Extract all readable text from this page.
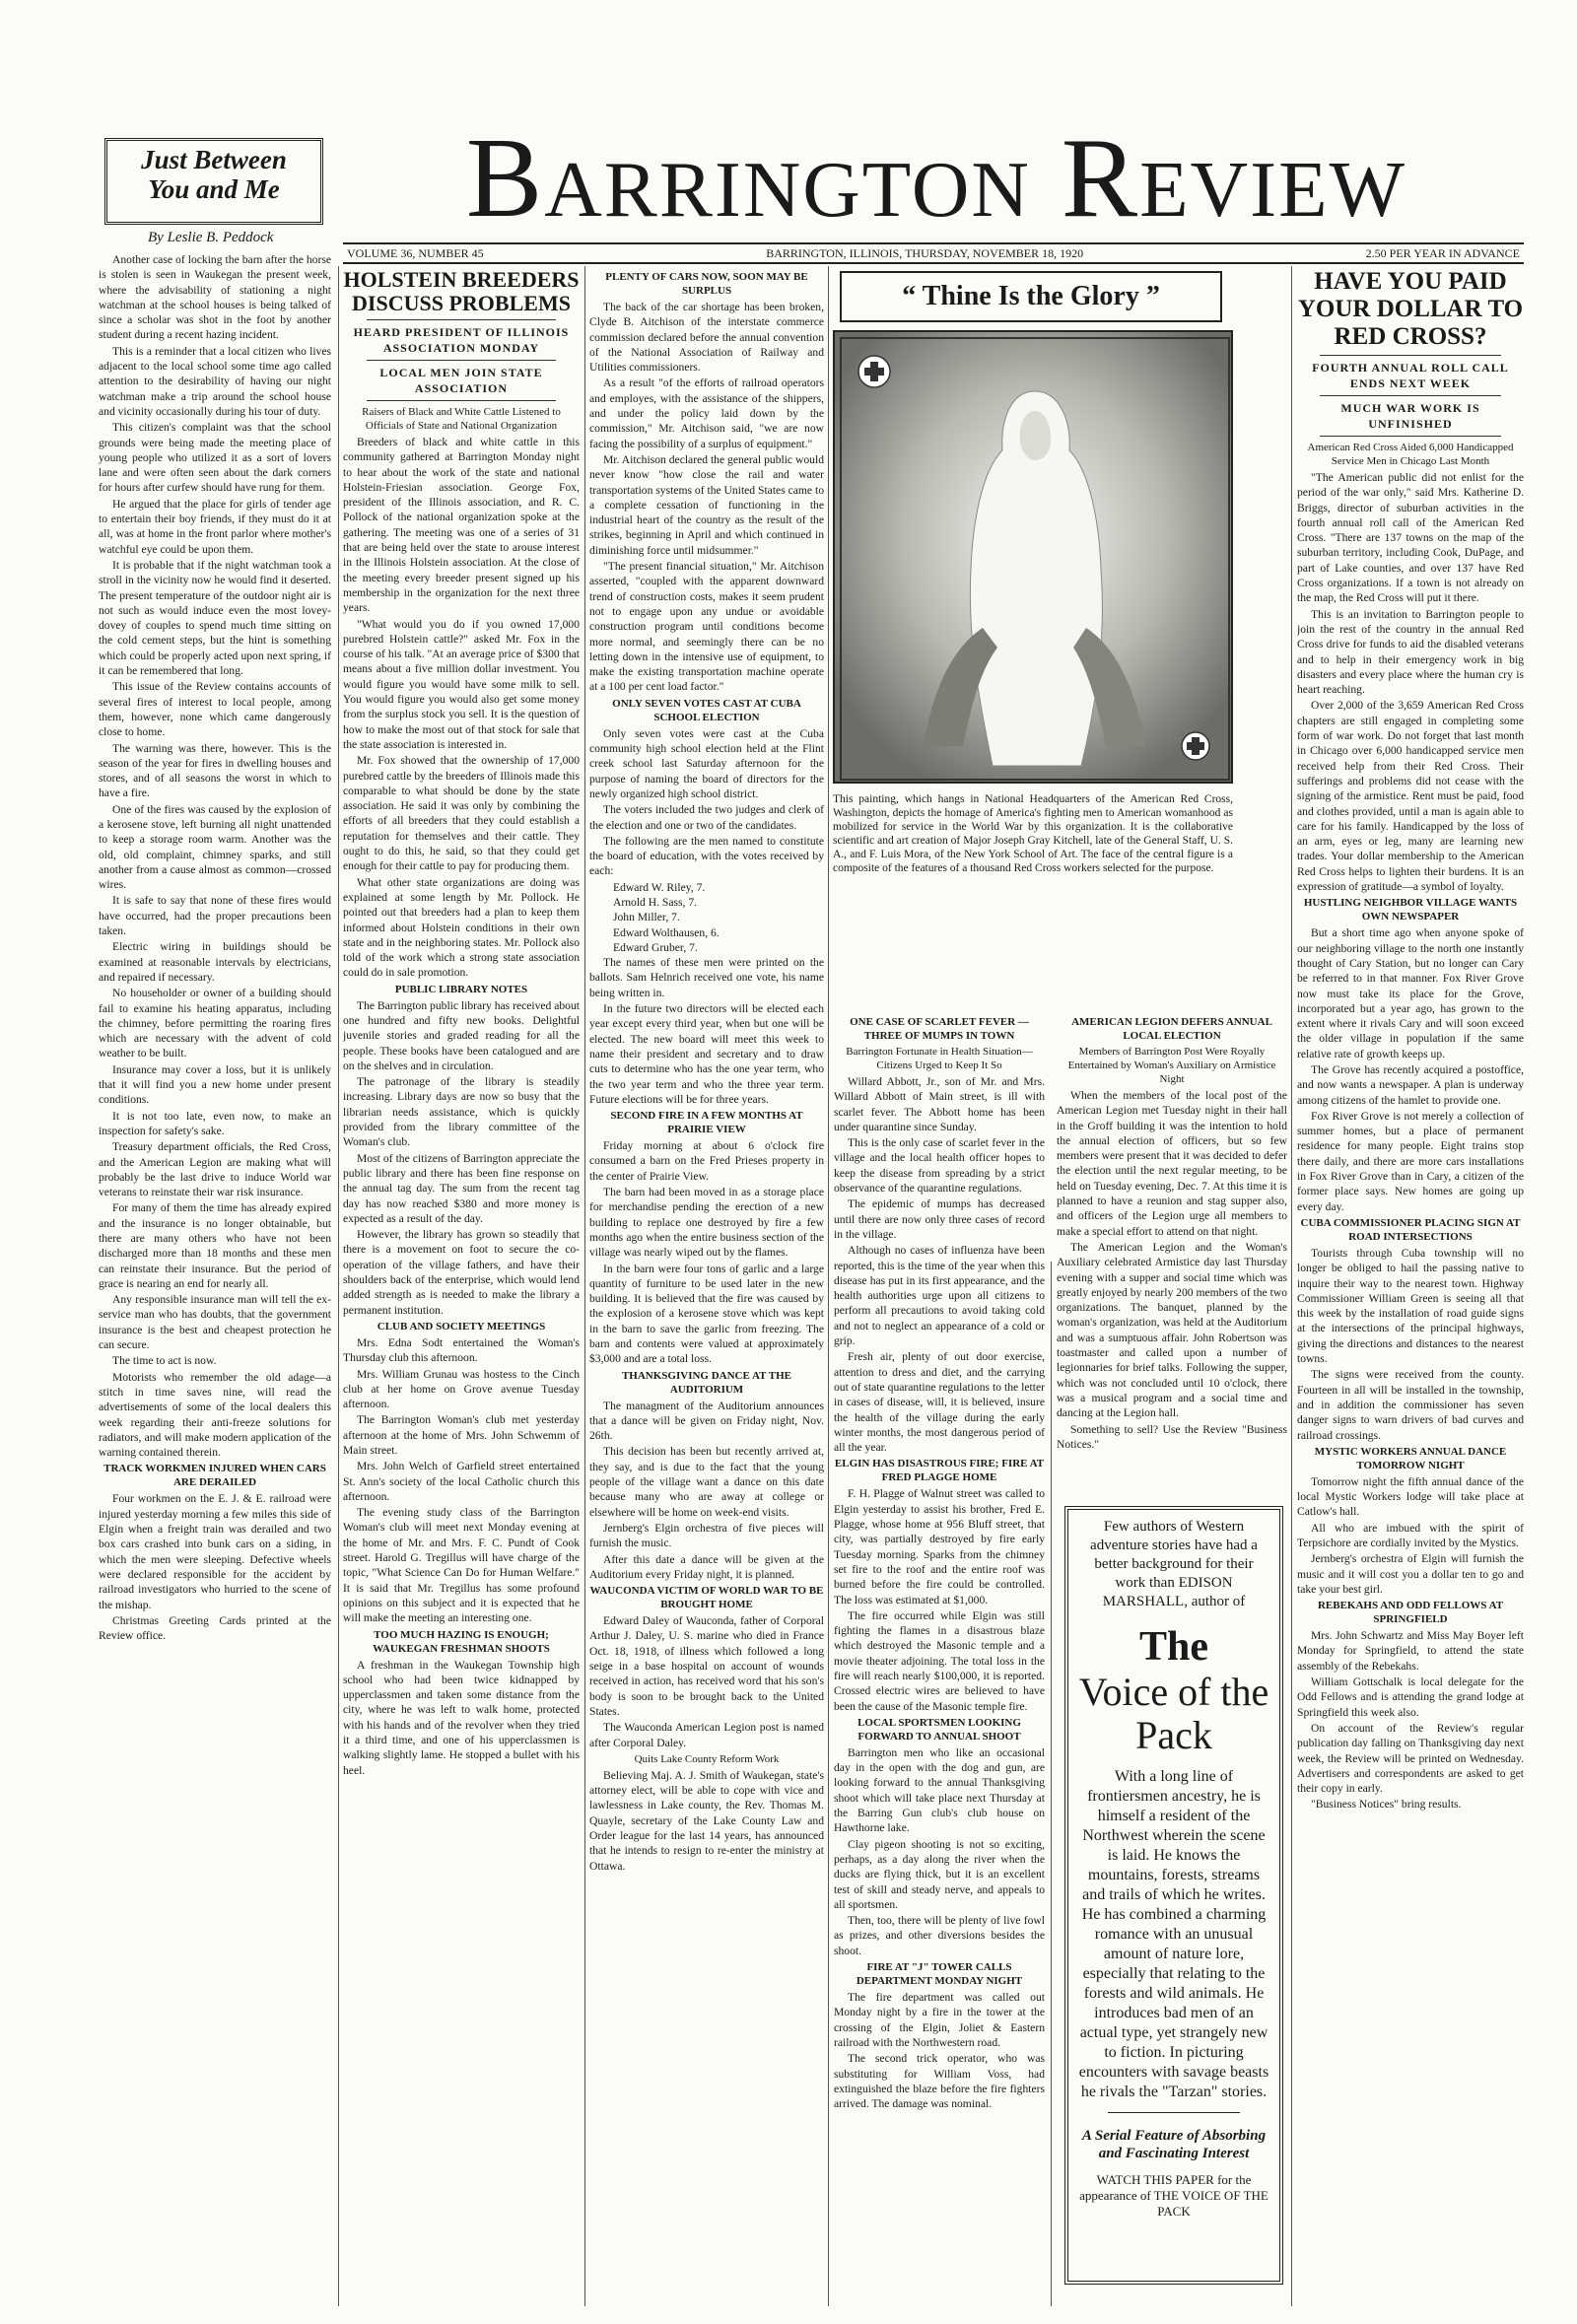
Just Between
You and Me
By Leslie B. Peddock	Barrington Review
VOLUME 36, NUMBER 45	BARRINGTON, ILLINOIS, THURSDAY, NOVEMBER 18, 1920	2.50 PER YEAR IN ADVANCE

Another case of locking the barn after the horse is stolen is seen in Waukegan the present week, where the advisability of stationing a night watchman at the school houses is being talked of since a scholar was shot in the foot by another student during a recent hazing incident.

This is a reminder that a local citizen who lives adjacent to the local school some time ago called attention to the desirability of having our night watchman make a trip around the school house and vicinity occasionally during his tour of duty.

This citizen's complaint was that the school grounds were being made the meeting place of young people who utilized it as a sort of lovers lane and were often seen about the dark corners for hours after curfew should have rung for them.

He argued that the place for girls of tender age to entertain their boy friends, if they must do it at all, was at home in the front parlor where mother's watchful eye could be upon them.

It is probable that if the night watchman took a stroll in the vicinity now he would find it deserted. The present temperature of the outdoor night air is not such as would induce even the most lovey-dovey of couples to spend much time sitting on the cold cement steps, but the hint is something which could be properly acted upon next spring, if it can be remembered that long.

This issue of the Review contains accounts of several fires of interest to local people, among them, however, none which came dangerously close to home.

The warning was there, however. This is the season of the year for fires in dwelling houses and stores, and of all seasons the worst in which to have a fire.

One of the fires was caused by the explosion of a kerosene stove, left burning all night unattended to keep a storage room warm. Another was the old, old complaint, chimney sparks, and still another from a cause almost as common—crossed wires.

It is safe to say that none of these fires would have occurred, had the proper precautions been taken.

Electric wiring in buildings should be examined at reasonable intervals by electricians, and repaired if necessary.

No householder or owner of a building should fail to examine his heating apparatus, including the chimney, before permitting the roaring fires which are necessary with the advent of cold weather to be built.

Insurance may cover a loss, but it is unlikely that it will find you a new home under present conditions.

It is not too late, even now, to make an inspection for safety's sake.

Treasury department officials, the Red Cross, and the American Legion are making what will probably be the last drive to induce World war veterans to reinstate their war risk insurance.

For many of them the time has already expired and the insurance is no longer obtainable, but there are many others who have not been discharged more than 18 months and these men can reinstate their insurance. But the period of grace is nearing an end for nearly all.

Any responsible insurance man will tell the ex-service man who has doubts, that the government insurance is the best and cheapest protection he can secure.

The time to act is now.

Motorists who remember the old adage—a stitch in time saves nine, will read the advertisements of some of the local dealers this week regarding their anti-freeze solutions for radiators, and will make modern application of the warning contained therein.

TRACK WORKMEN INJURED WHEN CARS ARE DERAILED

Four workmen on the E. J. & E. railroad were injured yesterday morning a few miles this side of Elgin when a freight train was derailed and two box cars crashed into bunk cars on a siding, in which the men were sleeping. Defective wheels were declared responsible for the accident by railroad investigators who hurried to the scene of the mishap.

Christmas Greeting Cards printed at the Review office.

HOLSTEIN BREEDERS DISCUSS PROBLEMS
HEARD PRESIDENT OF ILLINOIS ASSOCIATION MONDAY
LOCAL MEN JOIN STATE ASSOCIATION
Raisers of Black and White Cattle Listened to Officials of State and National Organization

Breeders of black and white cattle in this community gathered at Barrington Monday night to hear about the work of the state and national Holstein-Friesian association. George Fox, president of the Illinois association, and R. C. Pollock of the national organization spoke at the gathering. The meeting was one of a series of 31 that are being held over the state to arouse interest in the Illinois Holstein association. At the close of the meeting every breeder present signed up his membership in the organization for the next three years.

"What would you do if you owned 17,000 purebred Holstein cattle?" asked Mr. Fox in the course of his talk. "At an average price of $300 that means about a five million dollar investment. You would figure you would have some milk to sell. You would figure you would also get some money from the surplus stock you sell. It is the question of how to make the most out of that stock for sale that the state association is interested in.

Mr. Fox showed that the ownership of 17,000 purebred cattle by the breeders of Illinois made this comparable to what should be done by the state association. He said it was only by combining the efforts of all breeders that they could establish a reputation for themselves and their cattle. They ought to do this, he said, so that they could get enough for their cattle to pay for producing them.

What other state organizations are doing was explained at some length by Mr. Pollock. He pointed out that breeders had a plan to keep them informed about Holstein conditions in their own state and in the neighboring states. Mr. Pollock also told of the work which a strong state association could do in sale promotion.

PUBLIC LIBRARY NOTES

The Barrington public library has received about one hundred and fifty new books. Delightful juvenile stories and graded reading for all the people. These books have been catalogued and are on the shelves and in circulation.

The patronage of the library is steadily increasing. Library days are now so busy that the librarian needs assistance, which is quickly provided from the library committee of the Woman's club.

Most of the citizens of Barrington appreciate the public library and there has been fine response on the annual tag day. The sum from the recent tag day has now reached $380 and more money is expected as a result of the day.

However, the library has grown so steadily that there is a movement on foot to secure the co-operation of the village fathers, and have their shoulders back of the enterprise, which would lend added strength as is needed to make the library a permanent institution.

CLUB AND SOCIETY MEETINGS

Mrs. Edna Sodt entertained the Woman's Thursday club this afternoon.

Mrs. William Grunau was hostess to the Cinch club at her home on Grove avenue Tuesday afternoon.

The Barrington Woman's club met yesterday afternoon at the home of Mrs. John Schwemm of Main street.

Mrs. John Welch of Garfield street entertained St. Ann's society of the local Catholic church this afternoon.

The evening study class of the Barrington Woman's club will meet next Monday evening at the home of Mr. and Mrs. F. C. Pundt of Cook street. Harold G. Tregillus will have charge of the topic, "What Science Can Do for Human Welfare." It is said that Mr. Tregillus has some profound opinions on this subject and it is expected that he will make the meeting an interesting one.

TOO MUCH HAZING IS ENOUGH; WAUKEGAN FRESHMAN SHOOTS

A freshman in the Waukegan Township high school who had been twice kidnapped by upperclassmen and taken some distance from the city, where he was left to walk home, protected with his hands and of the revolver when they tried it a third time, and one of his upperclassmen is walking slightly lame. He stopped a bullet with his heel.

PLENTY OF CARS NOW, SOON MAY BE SURPLUS

The back of the car shortage has been broken, Clyde B. Aitchison of the interstate commerce commission declared before the annual convention of the National Association of Railway and Utilities commissioners.

As a result "of the efforts of railroad operators and employes, with the assistance of the shippers, and under the policy laid down by the commission," Mr. Aitchison said, "we are now facing the possibility of a surplus of equipment."

Mr. Aitchison declared the general public would never know "how close the rail and water transportation systems of the United States came to a complete cessation of functioning in the industrial heart of the country as the result of the strikes, beginning in April and which continued in diminishing force until midsummer."

"The present financial situation," Mr. Aitchison asserted, "coupled with the apparent downward trend of construction costs, makes it seem prudent not to engage upon any undue or avoidable construction program until conditions become more normal, and seemingly there can be no letting down in the intensive use of equipment, to make the existing transportation machine operate at a 100 per cent load factor."

ONLY SEVEN VOTES CAST AT CUBA SCHOOL ELECTION

Only seven votes were cast at the Cuba community high school election held at the Flint creek school last Saturday afternoon for the purpose of naming the board of directors for the newly organized high school district.

The voters included the two judges and clerk of the election and one or two of the candidates.

The following are the men named to constitute the board of education, with the votes received by each:

Edward W. Riley, 7.
Arnold H. Sass, 7.
John Miller, 7.
Edward Wolthausen, 6.
Edward Gruber, 7.

The names of these men were printed on the ballots. Sam Helnrich received one vote, his name being written in.

In the future two directors will be elected each year except every third year, when but one will be elected. The new board will meet this week to name their president and secretary and to draw cuts to determine who has the one year term, who the two year term and who the three year term. Future elections will be for three years.

SECOND FIRE IN A FEW MONTHS AT PRAIRIE VIEW

Friday morning at about 6 o'clock fire consumed a barn on the Fred Prieses property in the center of Prairie View.

The barn had been moved in as a storage place for merchandise pending the erection of a new building to replace one destroyed by fire a few months ago when the entire business section of the village was nearly wiped out by the flames.

In the barn were four tons of garlic and a large quantity of furniture to be used later in the new building. It is believed that the fire was caused by the explosion of a kerosene stove which was kept in the barn to save the garlic from freezing. The barn and contents were valued at approximately $3,000 and are a total loss.

THANKSGIVING DANCE AT THE AUDITORIUM

The managment of the Auditorium announces that a dance will be given on Friday night, Nov. 26th.

This decision has been but recently arrived at, they say, and is due to the fact that the young people of the village want a dance on this date because many who are away at college or elsewhere will be home on week-end visits.

Jernberg's Elgin orchestra of five pieces will furnish the music.

After this date a dance will be given at the Auditorium every Friday night, it is planned.

WAUCONDA VICTIM OF WORLD WAR TO BE BROUGHT HOME

Edward Daley of Wauconda, father of Corporal Arthur J. Daley, U. S. marine who died in France Oct. 18, 1918, of illness which followed a long seige in a base hospital on account of wounds received in action, has received word that his son's body is soon to be brought back to the United States.

The Wauconda American Legion post is named after Corporal Daley.

Quits Lake County Reform Work

Believing Maj. A. J. Smith of Waukegan, state's attorney elect, will be able to cope with vice and lawlessness in Lake county, the Rev. Thomas M. Quayle, secretary of the Lake County Law and Order league for the last 14 years, has announced that he intends to resign to re-enter the ministry at Ottawa.

“ Thine Is the Glory ”
This painting, which hangs in National Headquarters of the American Red Cross, Washington, depicts the homage of America's fighting men to American womanhood as mobilized for service in the World War by this organization. It is the collaborative scientific and art creation of Major Joseph Gray Kitchell, late of the General Staff, U. S. A., and F. Luis Mora, of the New York School of Art. The face of the central figure is a composite of the features of a thousand Red Cross workers selected for the purpose.
ONE CASE OF SCARLET FEVER —THREE OF MUMPS IN TOWN
Barrington Fortunate in Health Situation—Citizens Urged to Keep It So

Willard Abbott, Jr., son of Mr. and Mrs. Willard Abbott of Main street, is ill with scarlet fever. The Abbott home has been under quarantine since Sunday.

This is the only case of scarlet fever in the village and the local health officer hopes to keep the disease from spreading by a strict observance of the quarantine regulations.

The epidemic of mumps has decreased until there are now only three cases of record in the village.

Although no cases of influenza have been reported, this is the time of the year when this disease has put in its first appearance, and the health authorities urge upon all citizens to perform all precautions to avoid taking cold and not to neglect an appearance of a cold or grip.

Fresh air, plenty of out door exercise, attention to dress and diet, and the carrying out of state quarantine regulations to the letter in cases of disease, will, it is believed, insure the health of the village during the early winter months, the most dangerous period of all the year.

ELGIN HAS DISASTROUS FIRE; FIRE AT FRED PLAGGE HOME

F. H. Plagge of Walnut street was called to Elgin yesterday to assist his brother, Fred E. Plagge, whose home at 956 Bluff street, that city, was partially destroyed by fire early Tuesday morning. Sparks from the chimney set fire to the roof and the entire roof was burned before the fire could be controlled. The loss was estimated at $1,000.

The fire occurred while Elgin was still fighting the flames in a disastrous blaze which destroyed the Masonic temple and a movie theater adjoining. The total loss in the fire will reach nearly $100,000, it is reported. Crossed electric wires are believed to have been the cause of the Masonic temple fire.

LOCAL SPORTSMEN LOOKING FORWARD TO ANNUAL SHOOT

Barrington men who like an occasional day in the open with the dog and gun, are looking forward to the annual Thanksgiving shoot which will take place next Thursday at the Barring Gun club's club house on Hawthorne lake.

Clay pigeon shooting is not so exciting, perhaps, as a day along the river when the ducks are flying thick, but it is an excellent test of skill and steady nerve, and appeals to all sportsmen.

Then, too, there will be plenty of live fowl as prizes, and other diversions besides the shoot.

FIRE AT "J" TOWER CALLS DEPARTMENT MONDAY NIGHT

The fire department was called out Monday night by a fire in the tower at the crossing of the Elgin, Joliet & Eastern railroad with the Northwestern road.

The second trick operator, who was substituting for William Voss, had extinguished the blaze before the fire fighters arrived. The damage was nominal.

AMERICAN LEGION DEFERS ANNUAL LOCAL ELECTION
Members of Barrington Post Were Royally Entertained by Woman's Auxiliary on Armistice Night

When the members of the local post of the American Legion met Tuesday night in their hall in the Groff building it was the intention to hold the annual election of officers, but so few members were present that it was decided to defer the election until the next regular meeting, to be held on Tuesday evening, Dec. 7. At this time it is planned to have a reunion and stag supper also, and officers of the Legion urge all members to make a special effort to attend on that night.

The American Legion and the Woman's Auxiliary celebrated Armistice day last Thursday evening with a supper and social time which was greatly enjoyed by nearly 200 members of the two organizations. The banquet, planned by the woman's organization, was held at the Auditorium and was a sumptuous affair. John Robertson was toastmaster and called upon a number of legionnaries for brief talks. Following the supper, which was not concluded until 10 o'clock, there was a musical program and a social time and dancing at the Legion hall.

Something to sell? Use the Review "Business Notices."

Few authors of Western adventure stories have had a better background for their work than EDISON MARSHALL, author of
The
Voice of the
Pack
With a long line of frontiersmen ancestry, he is himself a resident of the Northwest wherein the scene is laid. He knows the mountains, forests, streams and trails of which he writes. He has combined a charming romance with an unusual amount of nature lore, especially that relating to the forests and wild animals. He introduces bad men of an actual type, yet strangely new to fiction. In picturing encounters with savage beasts he rivals the "Tarzan" stories.
A Serial Feature of Absorbing and Fascinating Interest
WATCH THIS PAPER for the appearance of THE VOICE OF THE PACK
HAVE YOU PAID YOUR DOLLAR TO RED CROSS?
FOURTH ANNUAL ROLL CALL ENDS NEXT WEEK
MUCH WAR WORK IS UNFINISHED
American Red Cross Aided 6,000 Handicapped Service Men in Chicago Last Month

"The American public did not enlist for the period of the war only," said Mrs. Katherine D. Briggs, director of suburban activities in the fourth annual roll call of the American Red Cross. "There are 137 towns on the map of the suburban territory, including Cook, DuPage, and part of Lake counties, and over 137 have Red Cross organizations. If a town is not already on the map, the Red Cross will put it there.

This is an invitation to Barrington people to join the rest of the country in the annual Red Cross drive for funds to aid the disabled veterans and to help in their emergency work in big disasters and every place where the human cry is heart reaching.

Over 2,000 of the 3,659 American Red Cross chapters are still engaged in completing some form of war work. Do not forget that last month in Chicago over 6,000 handicapped service men received help from their Red Cross. Their sufferings and problems did not cease with the signing of the armistice. Rent must be paid, food and clothes provided, until a man is again able to care for his family. Handicapped by the loss of an arm, eyes or leg, many are learning new trades. Your dollar membership to the American Red Cross helps to lighten their burdens. It is an expression of gratitude—a symbol of loyalty.

HUSTLING NEIGHBOR VILLAGE WANTS OWN NEWSPAPER

But a short time ago when anyone spoke of our neighboring village to the north one instantly thought of Cary Station, but no longer can Cary be referred to in that manner. Fox River Grove now must take its place for the Grove, incorporated but a year ago, has grown to the extent where it rivals Cary and will soon exceed the older village in population if the same relative rate of growth keeps up.

The Grove has recently acquired a postoffice, and now wants a newspaper. A plan is underway among citizens of the hamlet to provide one.

Fox River Grove is not merely a collection of summer homes, but a place of permanent residence for many people. Eight trains stop there daily, and there are more cars installations in Fox River Grove than in Cary, a citizen of the former place says. New homes are going up every day.

CUBA COMMISSIONER PLACING SIGN AT ROAD INTERSECTIONS

Tourists through Cuba township will no longer be obliged to hail the passing native to inquire their way to the nearest town. Highway Commissioner William Green is seeing all that this week by the installation of road guide signs at the intersections of the principal highways, giving the directions and distances to the nearest towns.

The signs were received from the county. Fourteen in all will be installed in the township, and in addition the commissioner has seven danger signs to warn drivers of bad curves and railroad crossings.

MYSTIC WORKERS ANNUAL DANCE TOMORROW NIGHT

Tomorrow night the fifth annual dance of the local Mystic Workers lodge will take place at Catlow's hall.

All who are imbued with the spirit of Terpsichore are cordially invited by the Mystics.

Jernberg's orchestra of Elgin will furnish the music and it will cost you a dollar ten to go and take your best girl.

REBEKAHS AND ODD FELLOWS AT SPRINGFIELD

Mrs. John Schwartz and Miss May Boyer left Monday for Springfield, to attend the state assembly of the Rebekahs.

William Gottschalk is local delegate for the Odd Fellows and is attending the grand lodge at Springfield this week also.

On account of the Review's regular publication day falling on Thanksgiving day next week, the Review will be printed on Wednesday. Advertisers and correspondents are asked to get their copy in early.

"Business Notices" bring results.
